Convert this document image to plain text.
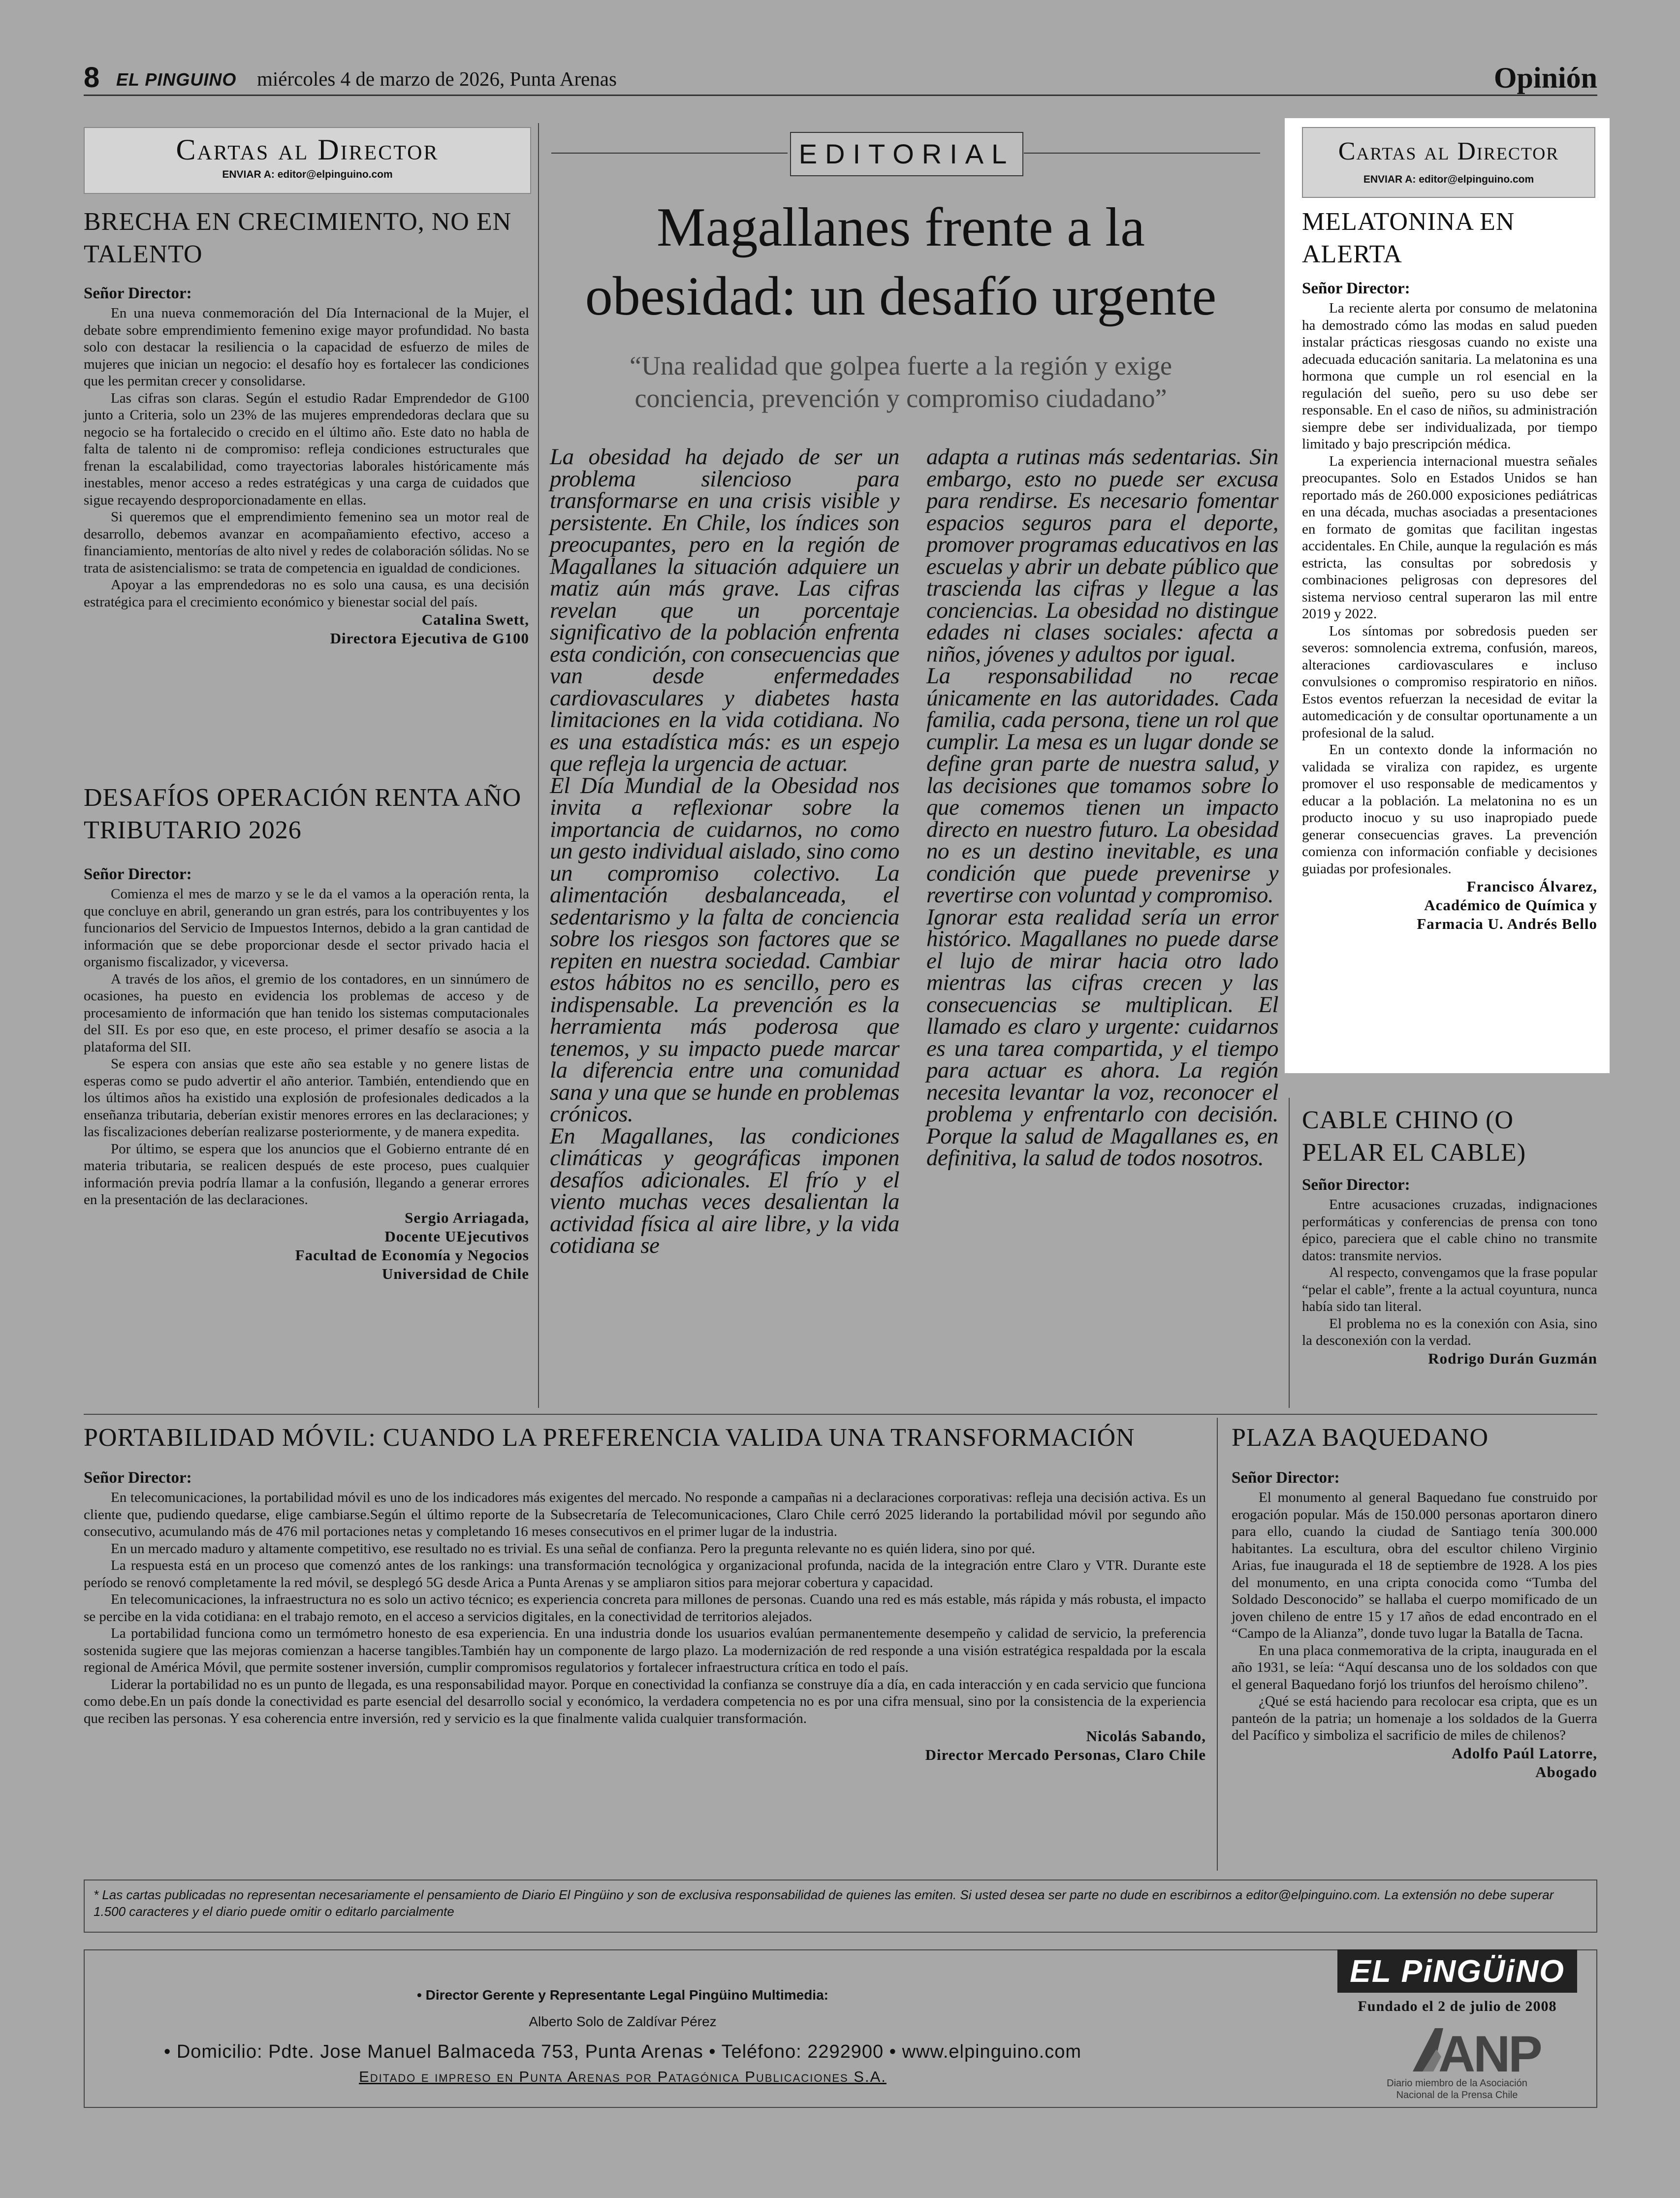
8 EL PINGUINO miércoles 4 de marzo de 2026, Punta Arenas	Opinión
Cartas al Director
ENVIAR A: editor@elpinguino.com
BRECHA EN CRECIMIENTO, NO EN TALENTO

Señor Director:

En una nueva conmemoración del Día Internacional de la Mujer, el debate sobre emprendimiento femenino exige mayor profundidad. No basta solo con destacar la resiliencia o la capacidad de esfuerzo de miles de mujeres que inician un negocio: el desafío hoy es fortalecer las condiciones que les permitan crecer y consolidarse.

Las cifras son claras. Según el estudio Radar Emprendedor de G100 junto a Criteria, solo un 23% de las mujeres emprendedoras declara que su negocio se ha fortalecido o crecido en el último año. Este dato no habla de falta de talento ni de compromiso: refleja condiciones estructurales que frenan la escalabilidad, como trayectorias laborales históricamente más inestables, menor acceso a redes estratégicas y una carga de cuidados que sigue recayendo desproporcionadamente en ellas.

Si queremos que el emprendimiento femenino sea un motor real de desarrollo, debemos avanzar en acompañamiento efectivo, acceso a financiamiento, mentorías de alto nivel y redes de colaboración sólidas. No se trata de asistencialismo: se trata de competencia en igualdad de condiciones.

Apoyar a las emprendedoras no es solo una causa, es una decisión estratégica para el crecimiento económico y bienestar social del país.

Catalina Swett,

Directora Ejecutiva de G100

DESAFÍOS OPERACIÓN RENTA AÑO TRIBUTARIO 2026

Señor Director:

Comienza el mes de marzo y se le da el vamos a la operación renta, la que concluye en abril, generando un gran estrés, para los contribuyentes y los funcionarios del Servicio de Impuestos Internos, debido a la gran cantidad de información que se debe proporcionar desde el sector privado hacia el organismo fiscalizador, y viceversa.

A través de los años, el gremio de los contadores, en un sinnúmero de ocasiones, ha puesto en evidencia los problemas de acceso y de procesamiento de información que han tenido los sistemas computacionales del SII. Es por eso que, en este proceso, el primer desafío se asocia a la plataforma del SII.

Se espera con ansias que este año sea estable y no genere listas de esperas como se pudo advertir el año anterior. También, entendiendo que en los últimos años ha existido una explosión de profesionales dedicados a la enseñanza tributaria, deberían existir menores errores en las declaraciones; y las fiscalizaciones deberían realizarse posteriormente, y de manera expedita.

Por último, se espera que los anuncios que el Gobierno entrante dé en materia tributaria, se realicen después de este proceso, pues cualquier información previa podría llamar a la confusión, llegando a generar errores en la presentación de las declaraciones.

Sergio Arriagada,

Docente UEjecutivos

Facultad de Economía y Negocios

Universidad de Chile

EDITORIAL
Magallanes frente a la obesidad: un desafío urgente
“Una realidad que golpea fuerte a la región y exige conciencia, prevención y compromiso ciudadano”

La obesidad ha dejado de ser un problema silencioso para transformarse en una crisis visible y persistente. En Chile, los índices son preocupantes, pero en la región de Magallanes la situación adquiere un matiz aún más grave. Las cifras revelan que un porcentaje significativo de la población enfrenta esta condición, con consecuencias que van desde enfermedades cardiovasculares y diabetes hasta limitaciones en la vida cotidiana. No es una estadística más: es un espejo que refleja la urgencia de actuar.

El Día Mundial de la Obesidad nos invita a reflexionar sobre la importancia de cuidarnos, no como un gesto individual aislado, sino como un compromiso colectivo. La alimentación desbalanceada, el sedentarismo y la falta de conciencia sobre los riesgos son factores que se repiten en nuestra sociedad. Cambiar estos hábitos no es sencillo, pero es indispensable. La prevención es la herramienta más poderosa que tenemos, y su impacto puede marcar la diferencia entre una comunidad sana y una que se hunde en problemas crónicos.

En Magallanes, las condiciones climáticas y geográficas imponen desafíos adicionales. El frío y el viento muchas veces desalientan la actividad física al aire libre, y la vida cotidiana se

adapta a rutinas más sedentarias. Sin embargo, esto no puede ser excusa para rendirse. Es necesario fomentar espacios seguros para el deporte, promover programas educativos en las escuelas y abrir un debate público que trascienda las cifras y llegue a las conciencias. La obesidad no distingue edades ni clases sociales: afecta a niños, jóvenes y adultos por igual.

La responsabilidad no recae únicamente en las autoridades. Cada familia, cada persona, tiene un rol que cumplir. La mesa es un lugar donde se define gran parte de nuestra salud, y las decisiones que tomamos sobre lo que comemos tienen un impacto directo en nuestro futuro. La obesidad no es un destino inevitable, es una condición que puede prevenirse y revertirse con voluntad y compromiso.

Ignorar esta realidad sería un error histórico. Magallanes no puede darse el lujo de mirar hacia otro lado mientras las cifras crecen y las consecuencias se multiplican. El llamado es claro y urgente: cuidarnos es una tarea compartida, y el tiempo para actuar es ahora. La región necesita levantar la voz, reconocer el problema y enfrentarlo con decisión. Porque la salud de Magallanes es, en definitiva, la salud de todos nosotros.

Cartas al Director
ENVIAR A: editor@elpinguino.com
MELATONINA EN ALERTA

Señor Director:

La reciente alerta por consumo de melatonina ha demostrado cómo las modas en salud pueden instalar prácticas riesgosas cuando no existe una adecuada educación sanitaria. La melatonina es una hormona que cumple un rol esencial en la regulación del sueño, pero su uso debe ser responsable. En el caso de niños, su administración siempre debe ser individualizada, por tiempo limitado y bajo prescripción médica.

La experiencia internacional muestra señales preocupantes. Solo en Estados Unidos se han reportado más de 260.000 exposiciones pediátricas en una década, muchas asociadas a presentaciones en formato de gomitas que facilitan ingestas accidentales. En Chile, aunque la regulación es más estricta, las consultas por sobredosis y combinaciones peligrosas con depresores del sistema nervioso central superaron las mil entre 2019 y 2022.

Los síntomas por sobredosis pueden ser severos: somnolencia extrema, confusión, mareos, alteraciones cardiovasculares e incluso convulsiones o compromiso respiratorio en niños. Estos eventos refuerzan la necesidad de evitar la automedicación y de consultar oportunamente a un profesional de la salud.

En un contexto donde la información no validada se viraliza con rapidez, es urgente promover el uso responsable de medicamentos y educar a la población. La melatonina no es un producto inocuo y su uso inapropiado puede generar consecuencias graves. La prevención comienza con información confiable y decisiones guiadas por profesionales.

Francisco Álvarez,

Académico de Química y

Farmacia U. Andrés Bello

CABLE CHINO (O PELAR EL CABLE)

Señor Director:

Entre acusaciones cruzadas, indignaciones performáticas y conferencias de prensa con tono épico, pareciera que el cable chino no transmite datos: transmite nervios.

Al respecto, convengamos que la frase popular “pelar el cable”, frente a la actual coyuntura, nunca había sido tan literal.

El problema no es la conexión con Asia, sino la desconexión con la verdad.

Rodrigo Durán Guzmán

PORTABILIDAD MÓVIL: CUANDO LA PREFERENCIA VALIDA UNA TRANSFORMACIÓN

Señor Director:

En telecomunicaciones, la portabilidad móvil es uno de los indicadores más exigentes del mercado. No responde a campañas ni a declaraciones corporativas: refleja una decisión activa. Es un cliente que, pudiendo quedarse, elige cambiarse.Según el último reporte de la Subsecretaría de Telecomunicaciones, Claro Chile cerró 2025 liderando la portabilidad móvil por segundo año consecutivo, acumulando más de 476 mil portaciones netas y completando 16 meses consecutivos en el primer lugar de la industria.

En un mercado maduro y altamente competitivo, ese resultado no es trivial. Es una señal de confianza. Pero la pregunta relevante no es quién lidera, sino por qué.

La respuesta está en un proceso que comenzó antes de los rankings: una transformación tecnológica y organizacional profunda, nacida de la integración entre Claro y VTR. Durante este período se renovó completamente la red móvil, se desplegó 5G desde Arica a Punta Arenas y se ampliaron sitios para mejorar cobertura y capacidad.

En telecomunicaciones, la infraestructura no es solo un activo técnico; es experiencia concreta para millones de personas. Cuando una red es más estable, más rápida y más robusta, el impacto se percibe en la vida cotidiana: en el trabajo remoto, en el acceso a servicios digitales, en la conectividad de territorios alejados.

La portabilidad funciona como un termómetro honesto de esa experiencia. En una industria donde los usuarios evalúan permanentemente desempeño y calidad de servicio, la preferencia sostenida sugiere que las mejoras comienzan a hacerse tangibles.También hay un componente de largo plazo. La modernización de red responde a una visión estratégica respaldada por la escala regional de América Móvil, que permite sostener inversión, cumplir compromisos regulatorios y fortalecer infraestructura crítica en todo el país.

Liderar la portabilidad no es un punto de llegada, es una responsabilidad mayor. Porque en conectividad la confianza se construye día a día, en cada interacción y en cada servicio que funciona como debe.En un país donde la conectividad es parte esencial del desarrollo social y económico, la verdadera competencia no es por una cifra mensual, sino por la consistencia de la experiencia que reciben las personas. Y esa coherencia entre inversión, red y servicio es la que finalmente valida cualquier transformación.

Nicolás Sabando,

Director Mercado Personas, Claro Chile

PLAZA BAQUEDANO

Señor Director:

El monumento al general Baquedano fue construido por erogación popular. Más de 150.000 personas aportaron dinero para ello, cuando la ciudad de Santiago tenía 300.000 habitantes. La escultura, obra del escultor chileno Virginio Arias, fue inaugurada el 18 de septiembre de 1928. A los pies del monumento, en una cripta conocida como “Tumba del Soldado Desconocido” se hallaba el cuerpo momificado de un joven chileno de entre 15 y 17 años de edad encontrado en el “Campo de la Alianza”, donde tuvo lugar la Batalla de Tacna.

En una placa conmemorativa de la cripta, inaugurada en el año 1931, se leía: “Aquí descansa uno de los soldados con que el general Baquedano forjó los triunfos del heroísmo chileno”.

¿Qué se está haciendo para recolocar esa cripta, que es un panteón de la patria; un homenaje a los soldados de la Guerra del Pacífico y simboliza el sacrificio de miles de chilenos?

Adolfo Paúl Latorre,

Abogado

* Las cartas publicadas no representan necesariamente el pensamiento de Diario El Pingüino y son de exclusiva responsabilidad de quienes las emiten. Si usted desea ser parte no dude en escribirnos a editor@elpinguino.com. La extensión no debe superar 1.500 caracteres y el diario puede omitir o editarlo parcialmente
• Director Gerente y Representante Legal Pingüino Multimedia:
Alberto Solo de Zaldívar Pérez
• Domicilio: Pdte. Jose Manuel Balmaceda 753, Punta Arenas • Teléfono: 2292900 • www.elpinguino.com
Editado e impreso en Punta Arenas por Patagónica Publicaciones S.A.
EL PiNGÜiNO
Fundado el 2 de julio de 2008
ANP
Diario miembro de la Asociación Nacional de la Prensa Chile
